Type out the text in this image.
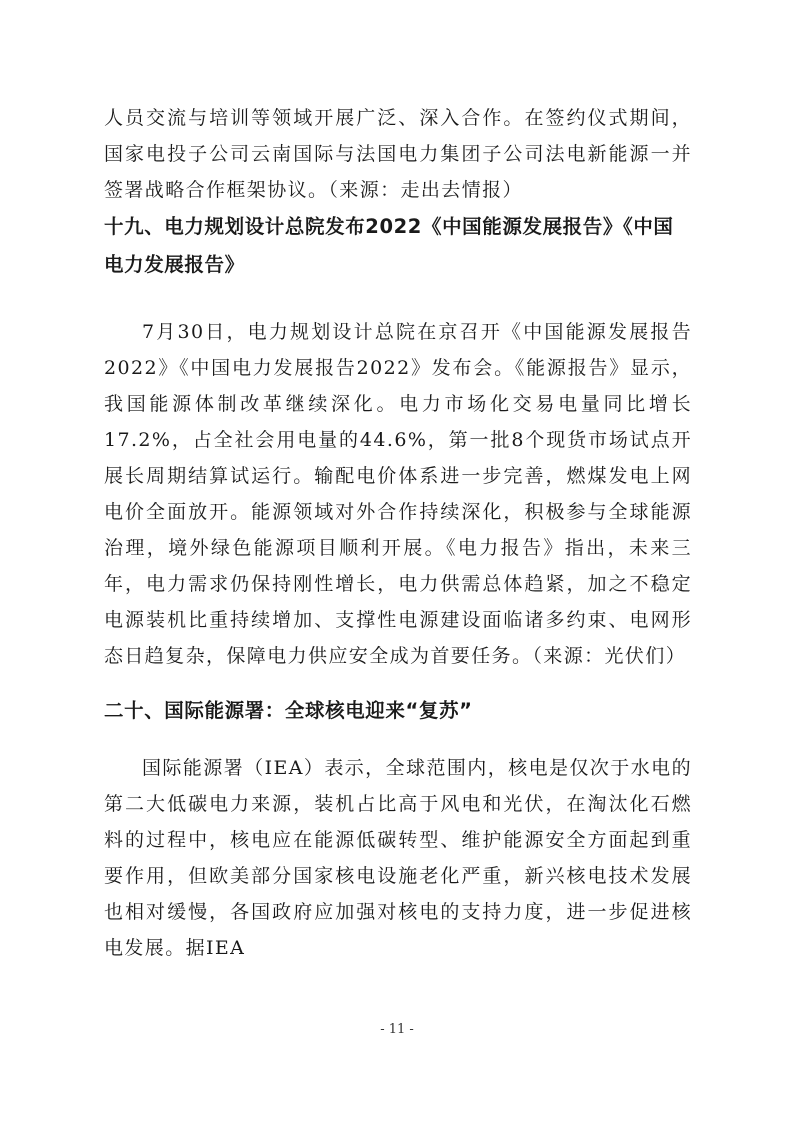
人员交流与培训等领域开展广泛、深入合作。在签约仪式期间，国家电投子公司云南国际与法国电力集团子公司法电新能源一并签署战略合作框架协议。（来源：走出去情报）

十九、电力规划设计总院发布2022《中国能源发展报告》《中国电力发展报告》

7月30日，电力规划设计总院在京召开《中国能源发展报告2022》《中国电力发展报告2022》发布会。《能源报告》显示，我国能源体制改革继续深化。电力市场化交易电量同比增长17.2%，占全社会用电量的44.6%，第一批8个现货市场试点开展长周期结算试运行。输配电价体系进一步完善，燃煤发电上网电价全面放开。能源领域对外合作持续深化，积极参与全球能源治理，境外绿色能源项目顺利开展。《电力报告》指出，未来三年，电力需求仍保持刚性增长，电力供需总体趋紧，加之不稳定电源装机比重持续增加、支撑性电源建设面临诸多约束、电网形态日趋复杂，保障电力供应安全成为首要任务。（来源：光伏们）

二十、国际能源署：全球核电迎来“复苏”

国际能源署（IEA）表示，全球范围内，核电是仅次于水电的第二大低碳电力来源，装机占比高于风电和光伏，在淘汰化石燃料的过程中，核电应在能源低碳转型、维护能源安全方面起到重要作用，但欧美部分国家核电设施老化严重，新兴核电技术发展也相对缓慢，各国政府应加强对核电的支持力度，进一步促进核电发展。据IEA

- 11 -
